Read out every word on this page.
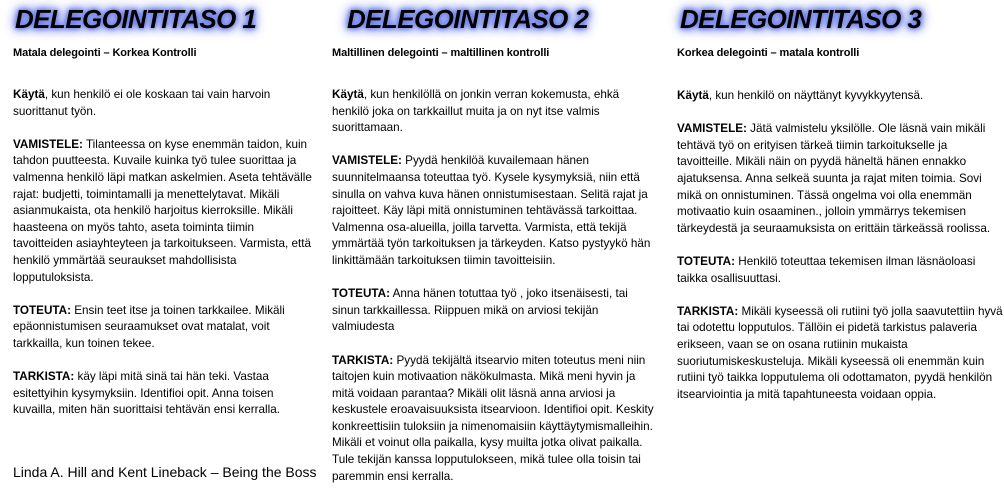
DELEGOINTITASO 1
Matala delegointi – Korkea Kontrolli

Käytä, kun henkilö ei ole koskaan tai vain harvoin suorittanut työn.

VAMISTELE: Tilanteessa on kyse enemmän taidon, kuin tahdon puutteesta. Kuvaile kuinka työ tulee suorittaa ja valmenna henkilö läpi matkan askelmien. Aseta tehtävälle rajat: budjetti, toimintamalli ja menettelytavat. Mikäli asianmukaista, ota henkilö harjoitus kierroksille. Mikäli haasteena on myös tahto, aseta toiminta tiimin tavoitteiden asiayhteyteen ja tarkoitukseen. Varmista, että henkilö ymmärtää seuraukset mahdollisista lopputuloksista.

TOTEUTA: Ensin teet itse ja toinen tarkkailee. Mikäli epäonnistumisen seuraamukset ovat matalat, voit tarkkailla, kun toinen tekee.

TARKISTA: käy läpi mitä sinä tai hän teki. Vastaa esitettyihin kysymyksiin. Identifioi opit. Anna toisen kuvailla, miten hän suorittaisi tehtävän ensi kerralla.

DELEGOINTITASO 2
Maltillinen delegointi – maltillinen kontrolli

Käytä, kun henkilöllä on jonkin verran kokemusta, ehkä henkilö joka on tarkkaillut muita ja on nyt itse valmis suorittamaan.

VAMISTELE: Pyydä henkilöä kuvailemaan hänen suunnitelmaansa toteuttaa työ. Kysele kysymyksiä, niin että sinulla on vahva kuva hänen onnistumisestaan. Selitä rajat ja rajoitteet. Käy läpi mitä onnistuminen tehtävässä tarkoittaa. Valmenna osa-alueilla, joilla tarvetta. Varmista, että tekijä ymmärtää työn tarkoituksen ja tärkeyden. Katso pystyykö hän linkittämään tarkoituksen tiimin tavoitteisiin.

TOTEUTA: Anna hänen totuttaa työ , joko itsenäisesti, tai sinun tarkkaillessa. Riippuen mikä on arviosi tekijän valmiudesta

TARKISTA: Pyydä tekijältä itsearvio miten toteutus meni niin taitojen kuin motivaation näkökulmasta. Mikä meni hyvin ja mitä voidaan parantaa? Mikäli olit läsnä anna arviosi ja keskustele eroavaisuuksista itsearvioon. Identifioi opit. Keskity konkreettisiin tuloksiin ja nimenomaisiin käyttäytymismalleihin. Mikäli et voinut olla paikalla, kysy muilta jotka olivat paikalla. Tule tekijän kanssa lopputulokseen, mikä tulee olla toisin tai paremmin ensi kerralla.

DELEGOINTITASO 3
Korkea delegointi – matala kontrolli

Käytä, kun henkilö on näyttänyt kyvykkyytensä.

VAMISTELE: Jätä valmistelu yksilölle. Ole läsnä vain mikäli tehtävä työ on erityisen tärkeä tiimin tarkoitukselle ja tavoitteille. Mikäli näin on pyydä häneltä hänen ennakko ajatuksensa. Anna selkeä suunta ja rajat miten toimia. Sovi mikä on onnistuminen. Tässä ongelma voi olla enemmän motivaatio kuin osaaminen., jolloin ymmärrys tekemisen tärkeydestä ja seuraamuksista on erittäin tärkeässä roolissa.

TOTEUTA: Henkilö toteuttaa tekemisen ilman läsnäoloasi taikka osallisuuttasi.

TARKISTA: Mikäli kyseessä oli rutiini työ jolla saavutettiin hyvä tai odotettu lopputulos. Tällöin ei pidetä tarkistus palaveria erikseen, vaan se on osana rutiinin mukaista suoriutumiskeskusteluja. Mikäli kyseessä oli enemmän kuin rutiini työ taikka lopputulema oli odottamaton, pyydä henkilön itsearviointia ja mitä tapahtuneesta voidaan oppia.

Linda A. Hill and Kent Lineback – Being the Boss
